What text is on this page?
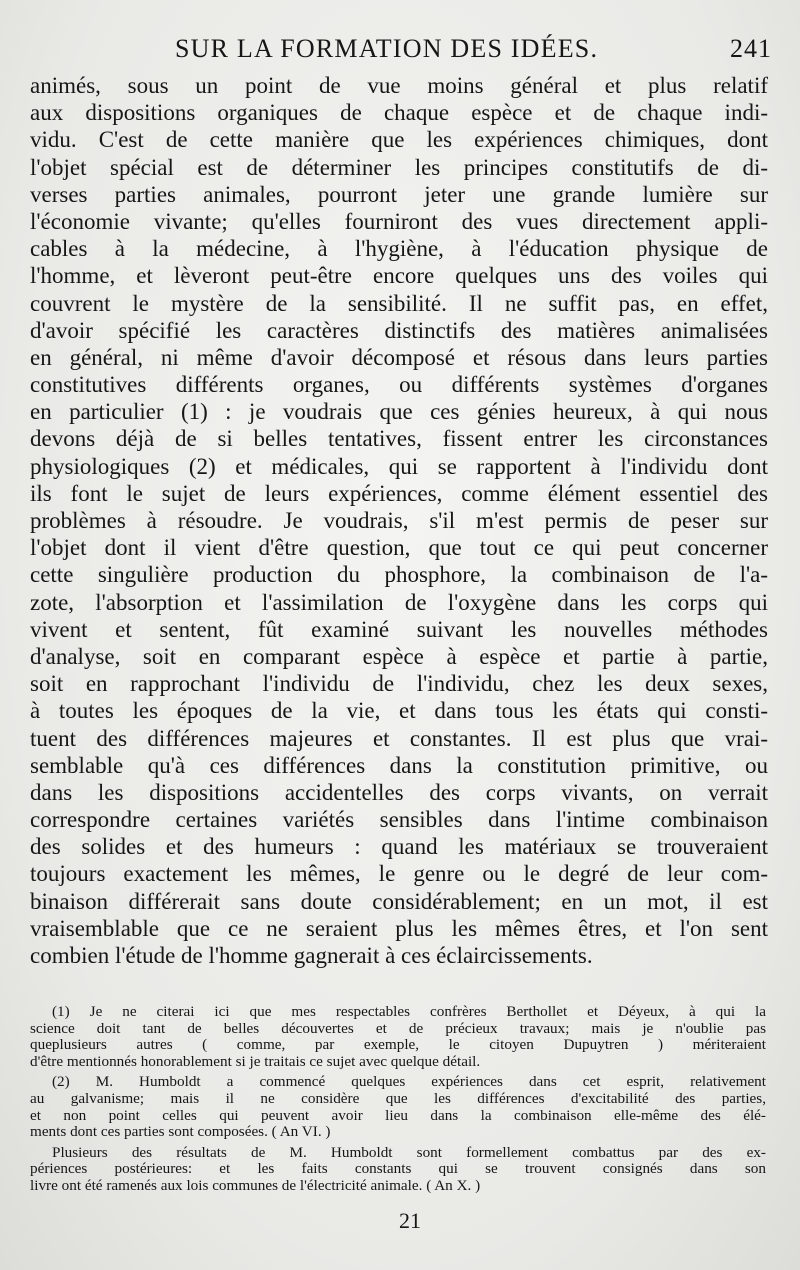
SUR LA FORMATION DES IDÉES.	241
animés, sous un point de vue moins général et plus relatif
aux dispositions organiques de chaque espèce et de chaque indi-
vidu. C'est de cette manière que les expériences chimiques, dont
l'objet spécial est de déterminer les principes constitutifs de di-
verses parties animales, pourront jeter une grande lumière sur
l'économie vivante; qu'elles fourniront des vues directement appli-
cables à la médecine, à l'hygiène, à l'éducation physique de
l'homme, et lèveront peut-être encore quelques uns des voiles qui
couvrent le mystère de la sensibilité. Il ne suffit pas, en effet,
d'avoir spécifié les caractères distinctifs des matières animalisées
en général, ni même d'avoir décomposé et résous dans leurs parties
constitutives différents organes, ou différents systèmes d'organes
en particulier (1) : je voudrais que ces génies heureux, à qui nous
devons déjà de si belles tentatives, fissent entrer les circonstances
physiologiques (2) et médicales, qui se rapportent à l'individu dont
ils font le sujet de leurs expériences, comme élément essentiel des
problèmes à résoudre. Je voudrais, s'il m'est permis de peser sur
l'objet dont il vient d'être question, que tout ce qui peut concerner
cette singulière production du phosphore, la combinaison de l'a-
zote, l'absorption et l'assimilation de l'oxygène dans les corps qui
vivent et sentent, fût examiné suivant les nouvelles méthodes
d'analyse, soit en comparant espèce à espèce et partie à partie,
soit en rapprochant l'individu de l'individu, chez les deux sexes,
à toutes les époques de la vie, et dans tous les états qui consti-
tuent des différences majeures et constantes. Il est plus que vrai-
semblable qu'à ces différences dans la constitution primitive, ou
dans les dispositions accidentelles des corps vivants, on verrait
correspondre certaines variétés sensibles dans l'intime combinaison
des solides et des humeurs : quand les matériaux se trouveraient
toujours exactement les mêmes, le genre ou le degré de leur com-
binaison différerait sans doute considérablement; en un mot, il est
vraisemblable que ce ne seraient plus les mêmes êtres, et l'on sent
combien l'étude de l'homme gagnerait à ces éclaircissements.
(1) Je ne citerai ici que mes respectables confrères Berthollet et Déyeux, à qui la
science doit tant de belles découvertes et de précieux travaux; mais je n'oublie pas
queplusieurs autres ( comme, par exemple, le citoyen Dupuytren ) mériteraient
d'être mentionnés honorablement si je traitais ce sujet avec quelque détail.
(2) M. Humboldt a commencé quelques expériences dans cet esprit, relativement
au galvanisme; mais il ne considère que les différences d'excitabilité des parties,
et non point celles qui peuvent avoir lieu dans la combinaison elle-même des élé-
ments dont ces parties sont composées. ( An VI. )
Plusieurs des résultats de M. Humboldt sont formellement combattus par des ex-
périences postérieures: et les faits constants qui se trouvent consignés dans son
livre ont été ramenés aux lois communes de l'électricité animale. ( An X. )
21
